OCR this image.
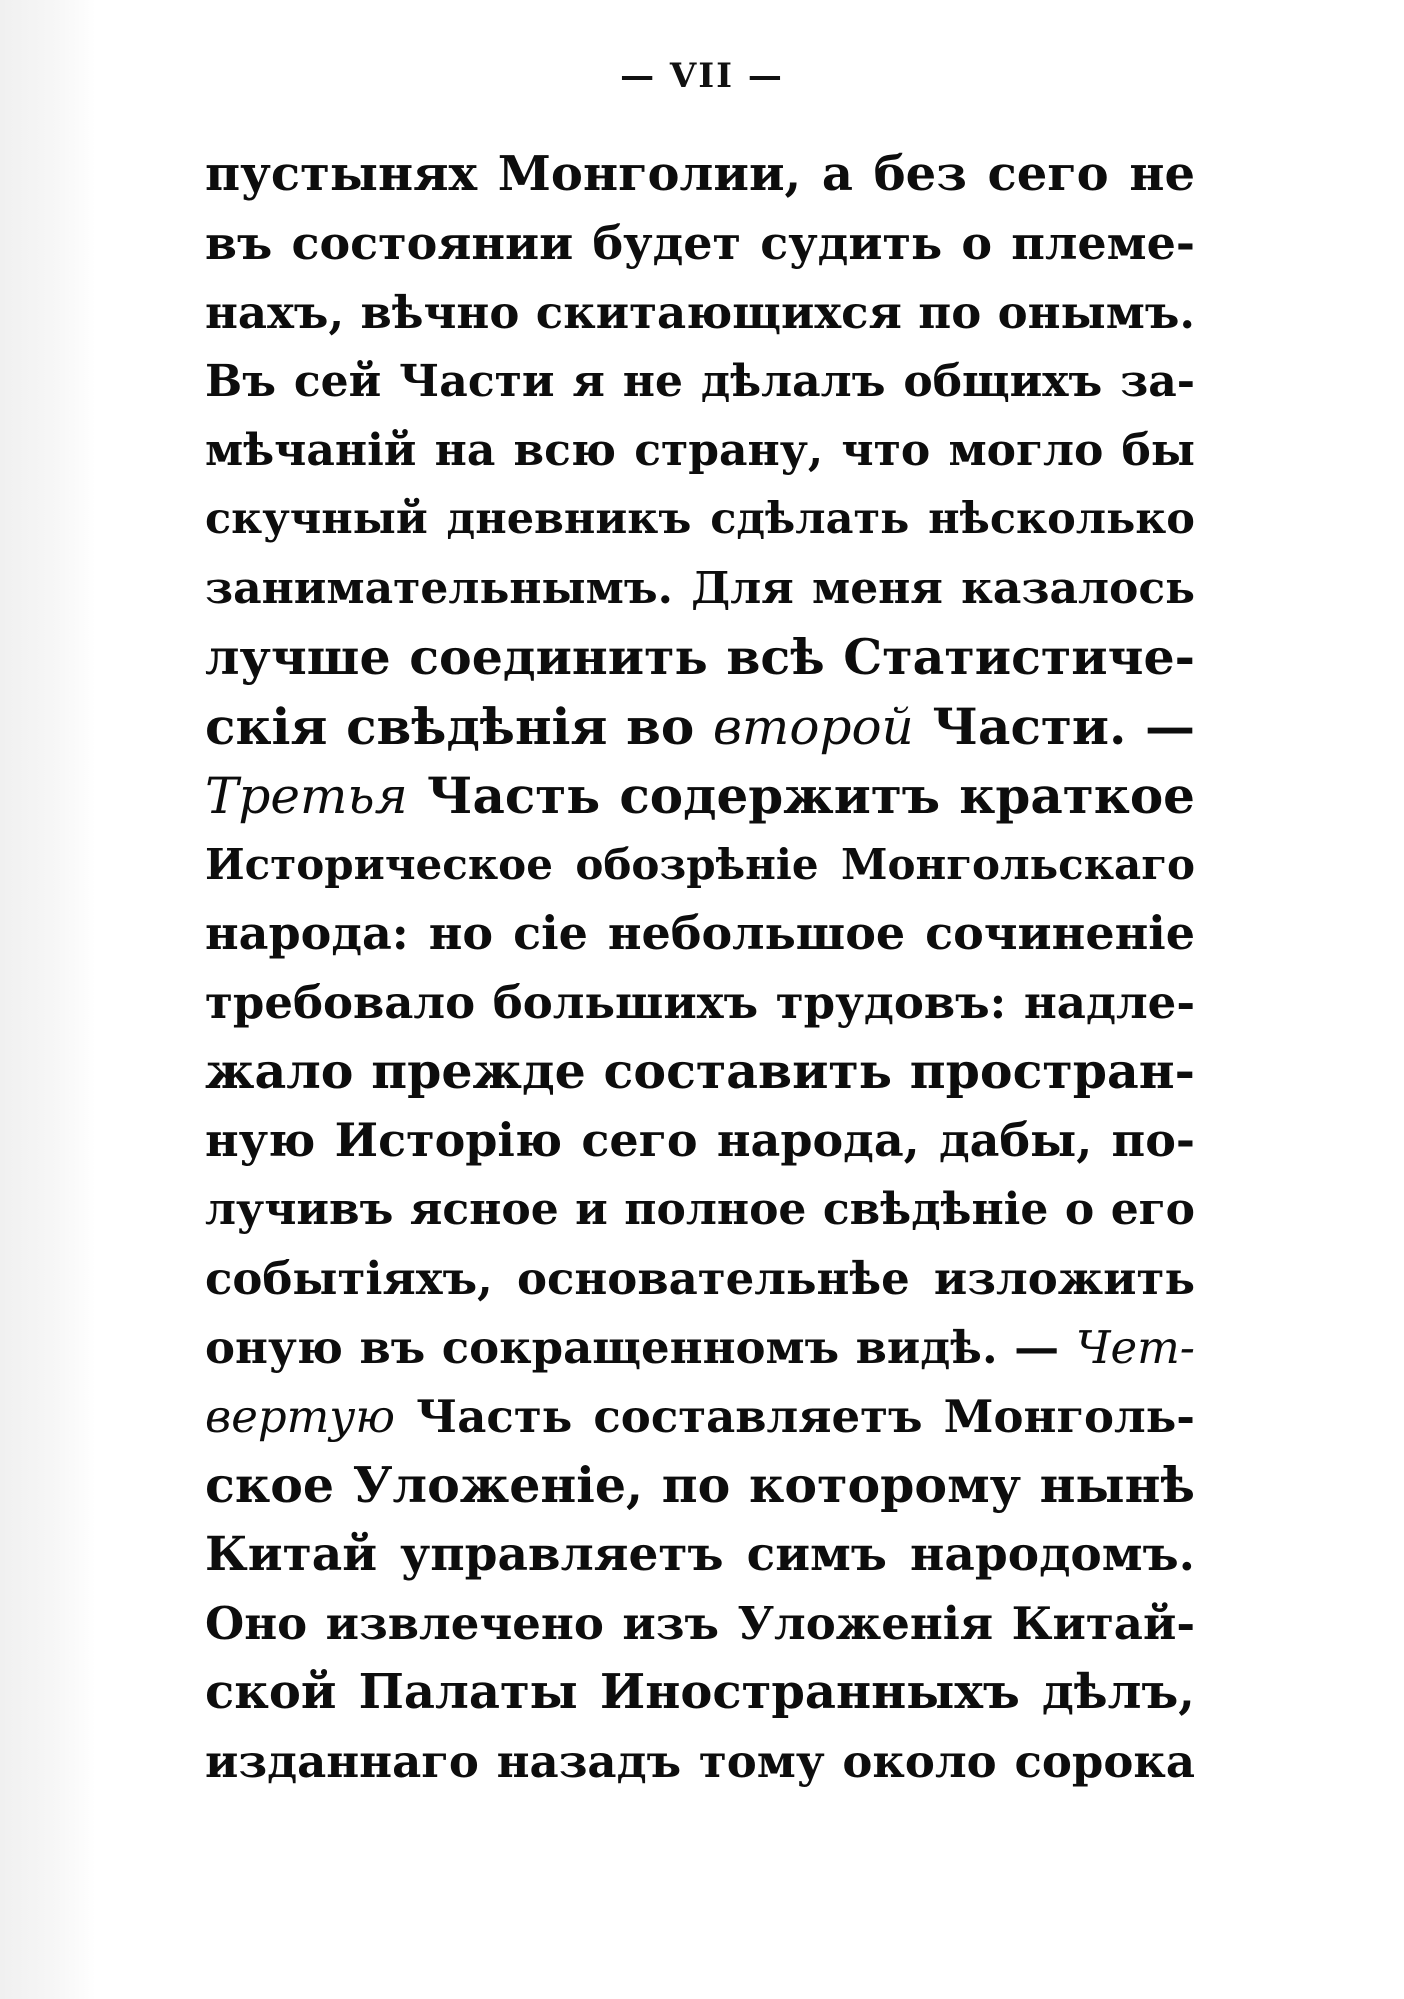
— VII —
пустынях Монголии, а без сего не
въ состоянии будет судить о племе-
нахъ, вѣчно скитающихся по онымъ.
Въ сей Части я не дѣлалъ общихъ за-
мѣчаній на всю страну, что могло бы
скучный дневникъ сдѣлать нѣсколько
занимательнымъ. Для меня казалось
лучше соединить всѣ Статистиче-
скія свѣдѣнія во второй Части. —
Третья Часть содержитъ краткое
Историческое обозрѣніе Монгольскаго
народа: но сіе небольшое сочиненіе
требовало большихъ трудовъ: надле-
жало прежде составить простран-
ную Исторію сего народа, дабы, по-
лучивъ ясное и полное свѣдѣніе о его
событіяхъ, основательнѣе изложить
оную въ сокращенномъ видѣ. — Чет-
вертую Часть составляетъ Монголь-
ское Уложеніе, по которому нынѣ
Китай управляетъ симъ народомъ.
Оно извлечено изъ Уложенія Китай-
ской Палаты Иностранныхъ дѣлъ,
изданнаго назадъ тому около сорока
